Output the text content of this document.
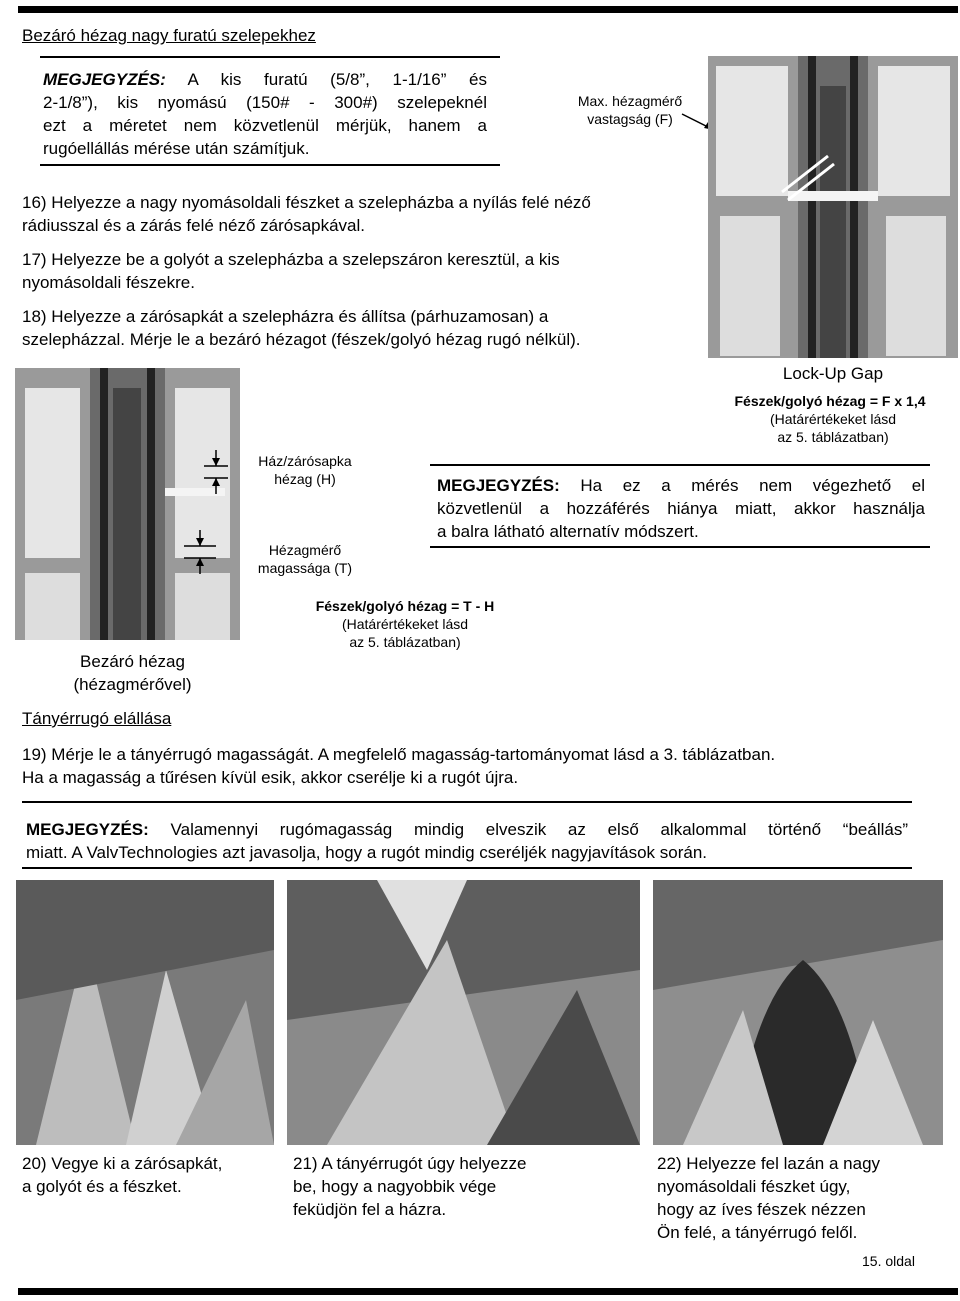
Bezáró hézag nagy furatú szelepekhez
MEGJEGYZÉS: A kis furatú (5/8”, 1-1/16” és
2-1/8”), kis nyomású (150# - 300#) szelepeknél
ezt a méretet nem közvetlenül mérjük, hanem a
rugóellállás mérése után számítjuk.
Max. hézagmérő
vastagság (F)
Lock-Up Gap
Fészek/golyó hézag = F x 1,4
(Határértékeket lásd
az 5. táblázatban)
16) Helyezze a nagy nyomásoldali fészket a szelepházba a nyílás felé néző
rádiusszal és a zárás felé néző zárósapkával.
17) Helyezze be a golyót a szelepházba a szelepszáron keresztül, a kis
nyomásoldali fészekre.
18) Helyezze a zárósapkát a szelepházra és állítsa (párhuzamosan) a
szelepházzal. Mérje le a bezáró hézagot (fészek/golyó hézag rugó nélkül).
Ház/zárósapka
hézag (H)
Hézagmérő
magassága (T)
Fészek/golyó hézag = T - H
(Határértékeket lásd
az 5. táblázatban)
Bezáró hézag
(hézagmérővel)
MEGJEGYZÉS: Ha ez a mérés nem végezhető el
közvetlenül a hozzáférés hiánya miatt, akkor használja
a balra látható alternatív módszert.
Tányérrugó elállása
19) Mérje le a tányérrugó magasságát. A megfelelő magasság-tartományomat lásd a 3. táblázatban.
Ha a magasság a tűrésen kívül esik, akkor cserélje ki a rugót újra.
MEGJEGYZÉS: Valamennyi rugómagasság mindig elveszik az első alkalommal történő “beállás”
miatt. A ValvTechnologies azt javasolja, hogy a rugót mindig cseréljék nagyjavítások során.
20) Vegye ki a zárósapkát,
a golyót és a fészket.
21) A tányérrugót úgy helyezze
be, hogy a nagyobbik vége
feküdjön fel a házra.
22) Helyezze fel lazán a nagy
nyomásoldali fészket úgy,
hogy az íves fészek nézzen
Ön felé, a tányérrugó felől.
15. oldal
